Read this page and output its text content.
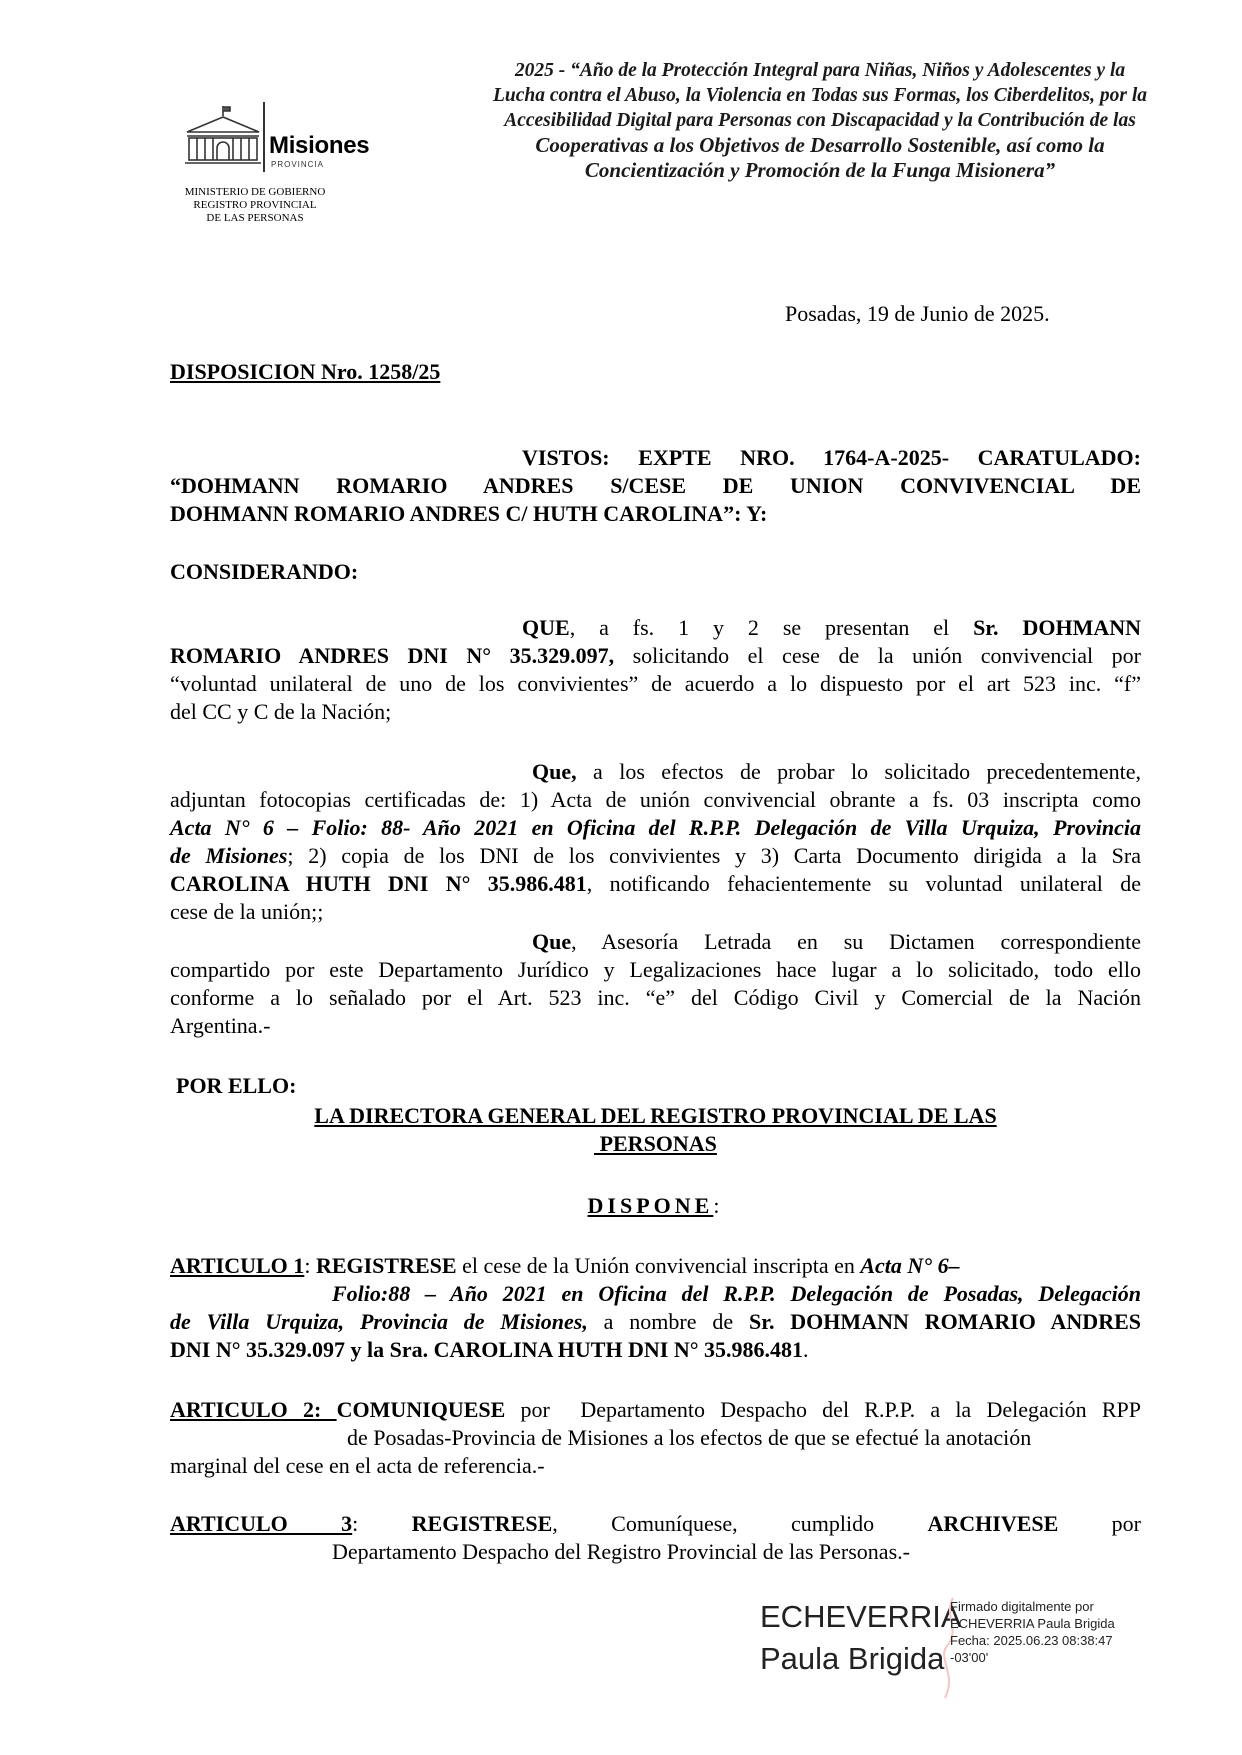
Misiones
PROVINCIA
MINISTERIO DE GOBIERNO
REGISTRO PROVINCIAL
DE LAS PERSONAS
2025 - “Año de la Protección Integral para Niñas, Niños y Adolescentes y la
Lucha contra el Abuso, la Violencia en Todas sus Formas, los Ciberdelitos, por la
Accesibilidad Digital para Personas con Discapacidad y la Contribución de las
Cooperativas a los Objetivos de Desarrollo Sostenible, así como la
Concientización y Promoción de la Funga Misionera”
Posadas, 19 de Junio de 2025.
DISPOSICION Nro. 1258/25
VISTOS: EXPTE NRO. 1764-A-2025- CARATULADO:
“DOHMANN ROMARIO ANDRES S/CESE DE UNION CONVIVENCIAL DE
DOHMANN ROMARIO ANDRES C/ HUTH CAROLINA”: Y:
CONSIDERANDO:
QUE, a fs. 1 y 2 se presentan el Sr. DOHMANN
ROMARIO ANDRES DNI N° 35.329.097, solicitando el cese de la unión convivencial por
“voluntad unilateral de uno de los convivientes” de acuerdo a lo dispuesto por el art 523 inc. “f”
del CC y C de la Nación;
Que, a los efectos de probar lo solicitado precedentemente,
adjuntan fotocopias certificadas de: 1) Acta de unión convivencial obrante a fs. 03 inscripta como
Acta N° 6 – Folio: 88- Año 2021 en Oficina del R.P.P. Delegación de Villa Urquiza, Provincia
de Misiones; 2) copia de los DNI de los convivientes y 3) Carta Documento dirigida a la Sra
CAROLINA HUTH DNI N° 35.986.481, notificando fehacientemente su voluntad unilateral de
cese de la unión;;
Que, Asesoría Letrada en su Dictamen correspondiente
compartido por este Departamento Jurídico y Legalizaciones hace lugar a lo solicitado, todo ello
conforme a lo señalado por el Art. 523 inc. “e” del Código Civil y Comercial de la Nación
Argentina.-
POR ELLO:
LA DIRECTORA GENERAL DEL REGISTRO PROVINCIAL DE LAS
PERSONAS
DISPONE:
ARTICULO 1: REGISTRESE el cese de la Unión convivencial inscripta en Acta N° 6–
Folio:88 – Año 2021 en Oficina del R.P.P. Delegación de Posadas, Delegación
de Villa Urquiza, Provincia de Misiones, a nombre de Sr. DOHMANN ROMARIO ANDRES
DNI N° 35.329.097 y la Sra. CAROLINA HUTH DNI N° 35.986.481.
ARTICULO 2: COMUNIQUESE por  Departamento Despacho del R.P.P. a la Delegación RPP
de Posadas-Provincia de Misiones a los efectos de que se efectué la anotación
marginal del cese en el acta de referencia.-
ARTICULO 3: REGISTRESE, Comuníquese, cumplido ARCHIVESE por
Departamento Despacho del Registro Provincial de las Personas.-
ECHEVERRIA
Paula Brigida
Firmado digitalmente por
ECHEVERRIA Paula Brigida
Fecha: 2025.06.23 08:38:47
-03'00'
